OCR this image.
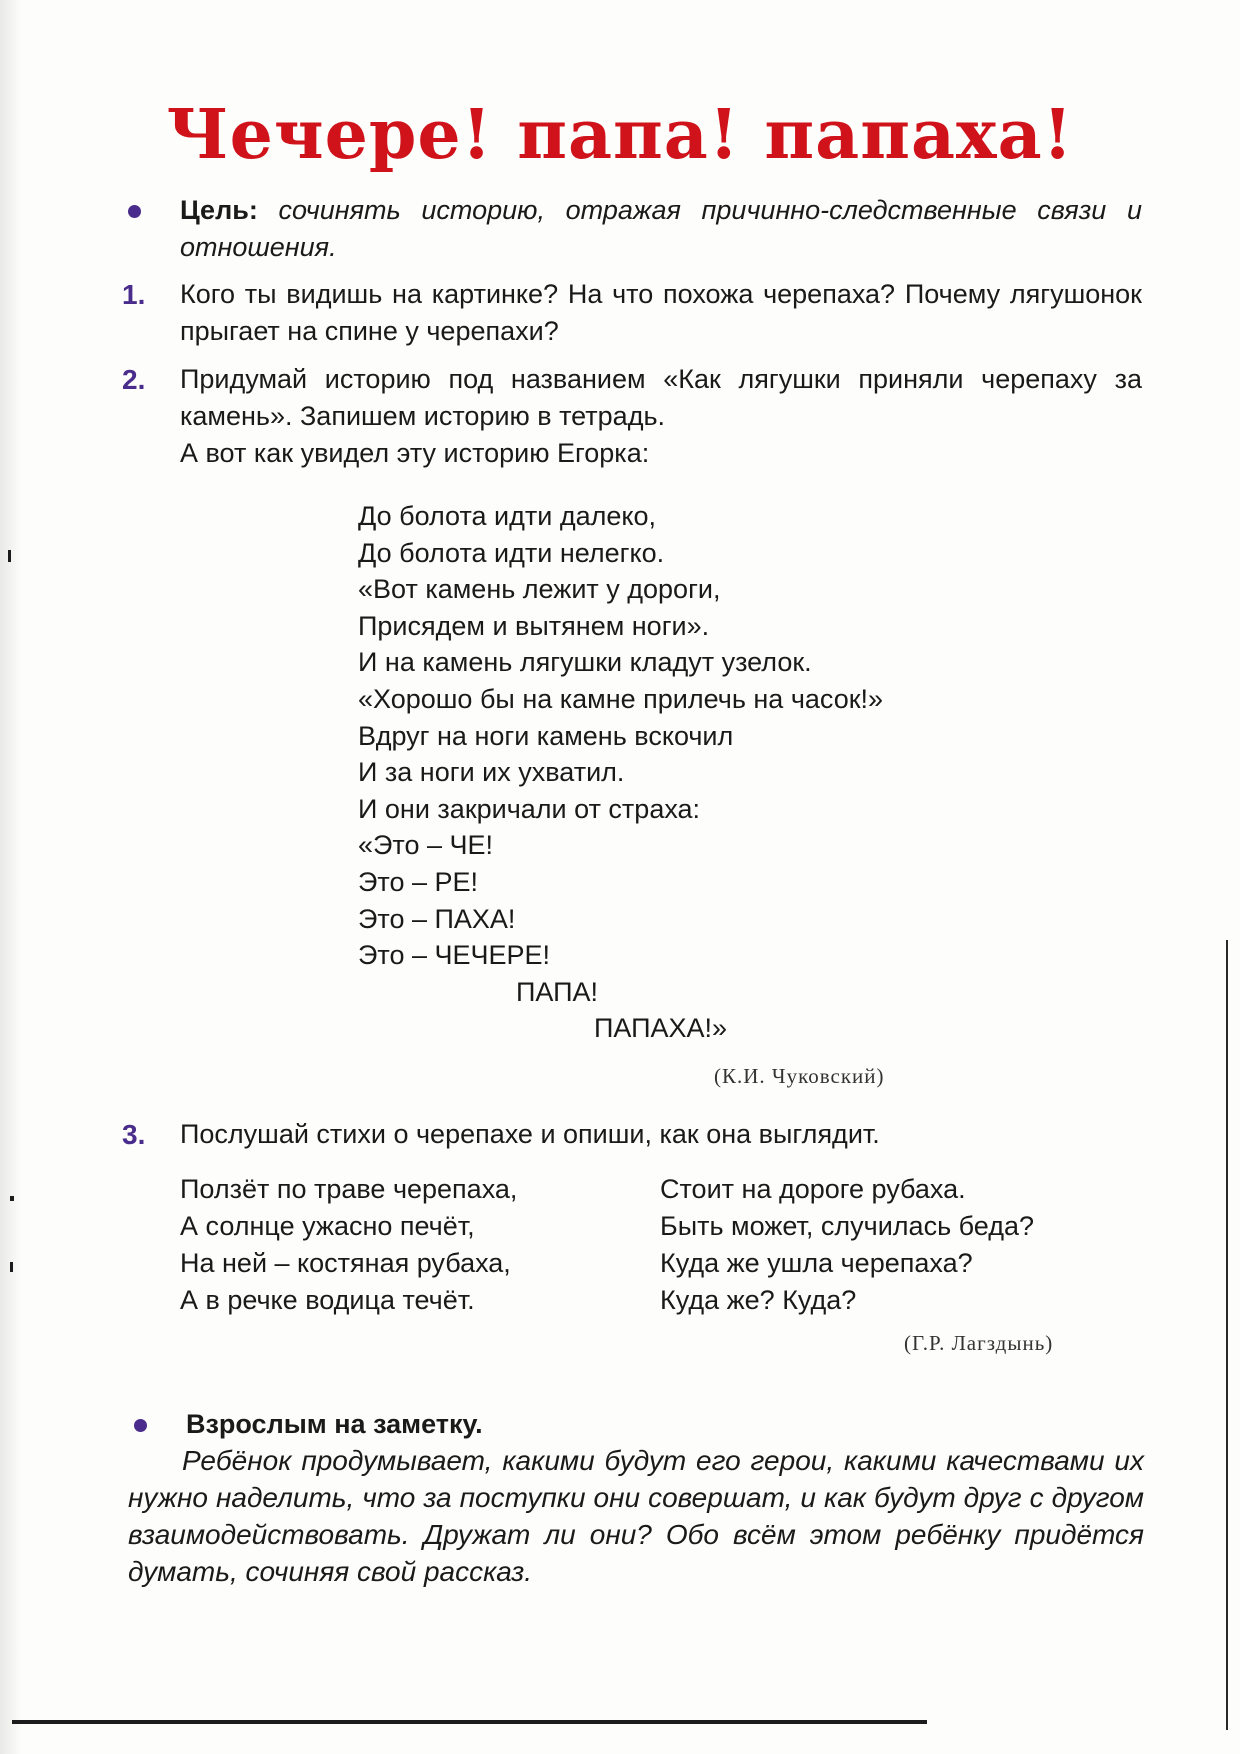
Чечере! папа! папаха!
Цель: сочинять историю, отражая причинно-следственные связи и отношения.
1.	Кого ты видишь на картинке? На что похожа черепаха? Почему лягушонок прыгает на спине у черепахи?
2.	Придумай историю под названием «Как лягушки приняли черепаху за камень». Запишем историю в тетрадь.
А вот как увидел эту историю Егорка:
До болота идти далеко,
До болота идти нелегко.
«Вот камень лежит у дороги,
Присядем и вытянем ноги».
И на камень лягушки кладут узелок.
«Хорошо бы на камне прилечь на часок!»
Вдруг на ноги камень вскочил
И за ноги их ухватил.
И они закричали от страха:
«Это – ЧЕ!
Это – РЕ!
Это – ПАХА!
Это – ЧЕЧЕРЕ!
ПАПА!
ПАПАХА!»
(К.И. Чуковский)
3.	Послушай стихи о черепахе и опиши, как она выглядит.
Ползёт по траве черепаха,
А солнце ужасно печёт,
На ней – костяная рубаха,
А в речке водица течёт.
Стоит на дороге рубаха.
Быть может, случилась беда?
Куда же ушла черепаха?
Куда же? Куда?
(Г.Р. Лагздынь)
Взрослым на заметку.
Ребёнок продумывает, какими будут его герои, какими качествами их нужно наделить, что за поступки они совершат, и как будут друг с другом взаимодействовать. Дружат ли они? Обо всём этом ребёнку придётся думать, сочиняя свой рассказ.
